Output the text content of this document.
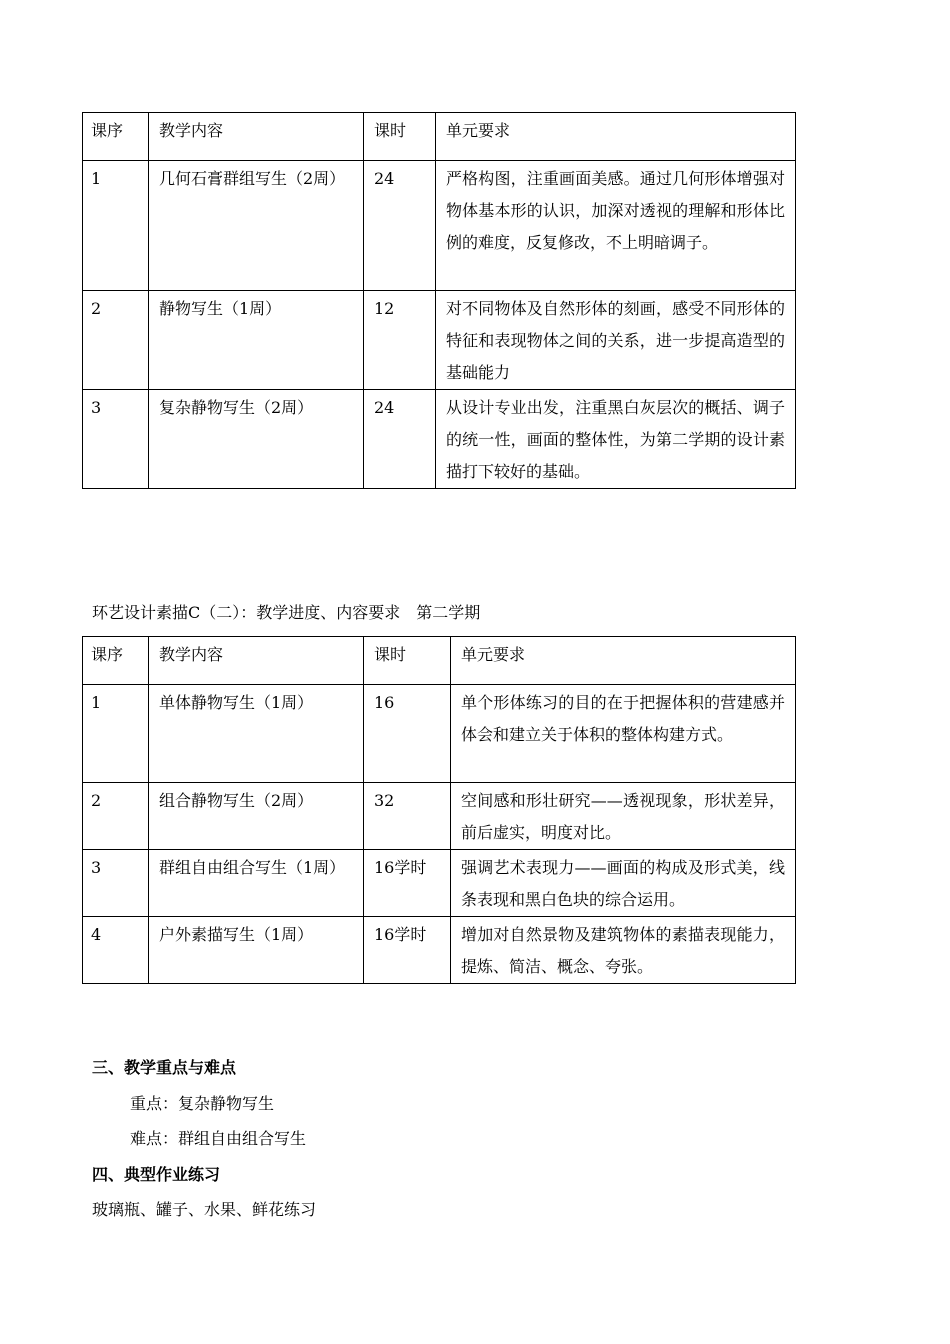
课序	教学内容	课时	单元要求
1	几何石膏群组写生（2周）	24	严格构图，注重画面美感。通过几何形体增强对物体基本形的认识，加深对透视的理解和形体比例的难度，反复修改，不上明暗调子。
2	静物写生（1周）	12	对不同物体及自然形体的刻画，感受不同形体的特征和表现物体之间的关系，进一步提高造型的基础能力
3	复杂静物写生（2周）	24	从设计专业出发，注重黑白灰层次的概括、调子的统一性，画面的整体性，为第二学期的设计素描打下较好的基础。
环艺设计素描C（二）：教学进度、内容要求　第二学期
课序	教学内容	课时	单元要求
1	单体静物写生（1周）	16	单个形体练习的目的在于把握体积的营建感并体会和建立关于体积的整体构建方式。
2	组合静物写生（2周）	32	空间感和形壮研究——透视现象，形状差异，前后虚实，明度对比。
3	群组自由组合写生（1周）	16学时	强调艺术表现力——画面的构成及形式美，线条表现和黑白色块的综合运用。
4	户外素描写生（1周）	16学时	增加对自然景物及建筑物体的素描表现能力，提炼、简洁、概念、夸张。
三、教学重点与难点
重点：复杂静物写生
难点：群组自由组合写生
四、典型作业练习
玻璃瓶、罐子、水果、鲜花练习
